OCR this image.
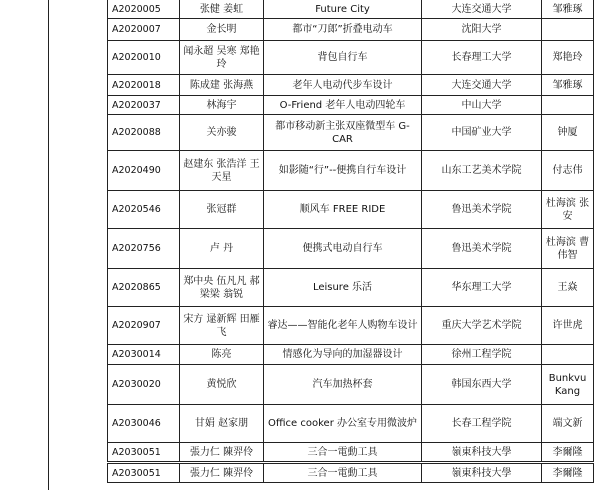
A2020005	张健 姜虹	Future City	大连交通大学	邹雅琢
A2020007	金长明	都市“刀郎”折叠电动车	沈阳大学	
A2020010	闻永超 吴寒 郑艳玲	背包自行车	长春理工大学	郑艳玲
A2020018	陈成建 张海燕	老年人电动代步车设计	大连交通大学	邹雅琢
A2020037	林海宇	O-Friend 老年人电动四轮车	中山大学	
A2020088	关亦骏	都市移动新主张双座微型车 G-CAR	中国矿业大学	钟厦
A2020490	赵建东 张浩洋 王天星	如影随“行”--便携自行车设计	山东工艺美术学院	付志伟
A2020546	张冠群	顺风车 FREE RIDE	鲁迅美术学院	杜海滨 张安
A2020756	卢 丹	便携式电动自行车	鲁迅美术学院	杜海滨 曹伟智
A2020865	郑中央 伍凡凡 郝梁梁 翁锐	Leisure 乐活	华东理工大学	王焱
A2020907	宋方 逯新辉 田雁飞	睿达——智能化老年人购物车设计	重庆大学艺术学院	许世虎
A2030014	陈亮	情感化为导向的加湿器设计	徐州工程学院	
A2030020	黄悦欣	汽车加热杯套	韩国东西大学	Bunkvu Kang
A2030046	甘娟 赵家朋	Office cooker 办公室专用微波炉	长春工程学院	端文新
A2030051	張力仁 陳羿伶	三合一電動工具	嶺東科技大學	李爾隆
A2030051	張力仁 陳羿伶	三合一電動工具	嶺東科技大學	李爾隆
